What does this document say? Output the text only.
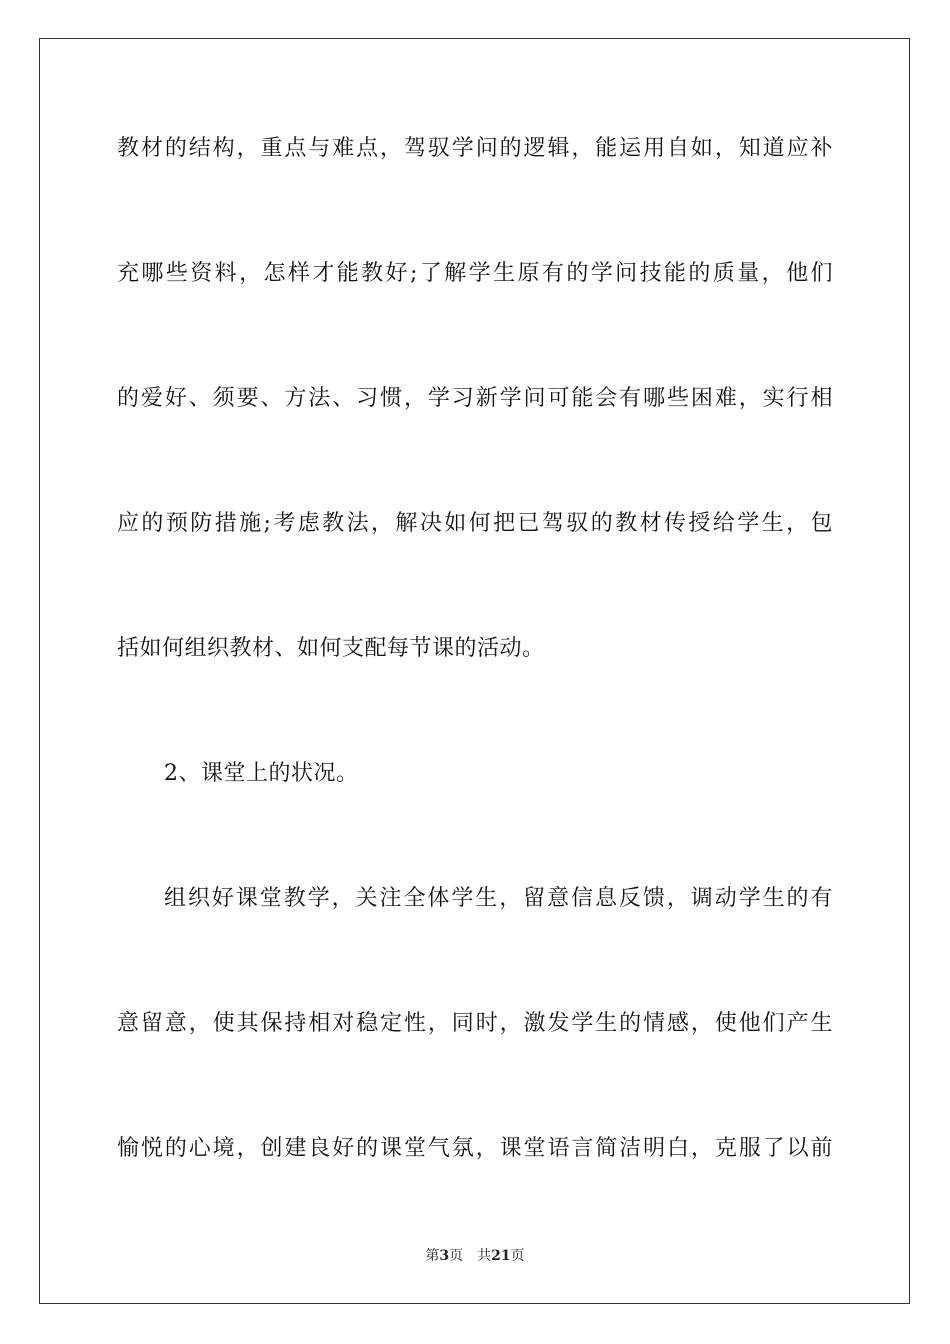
教材的结构，重点与难点，驾驭学问的逻辑，能运用自如，知道应补
充哪些资料，怎样才能教好;了解学生原有的学问技能的质量，他们
的爱好、须要、方法、习惯，学习新学问可能会有哪些困难，实行相
应的预防措施;考虑教法，解决如何把已驾驭的教材传授给学生，包
括如何组织教材、如何支配每节课的活动。
2、课堂上的状况。
组织好课堂教学，关注全体学生，留意信息反馈，调动学生的有
意留意，使其保持相对稳定性，同时，激发学生的情感，使他们产生
愉悦的心境，创建良好的课堂气氛，课堂语言简洁明白，克服了以前
第3页 共21页
